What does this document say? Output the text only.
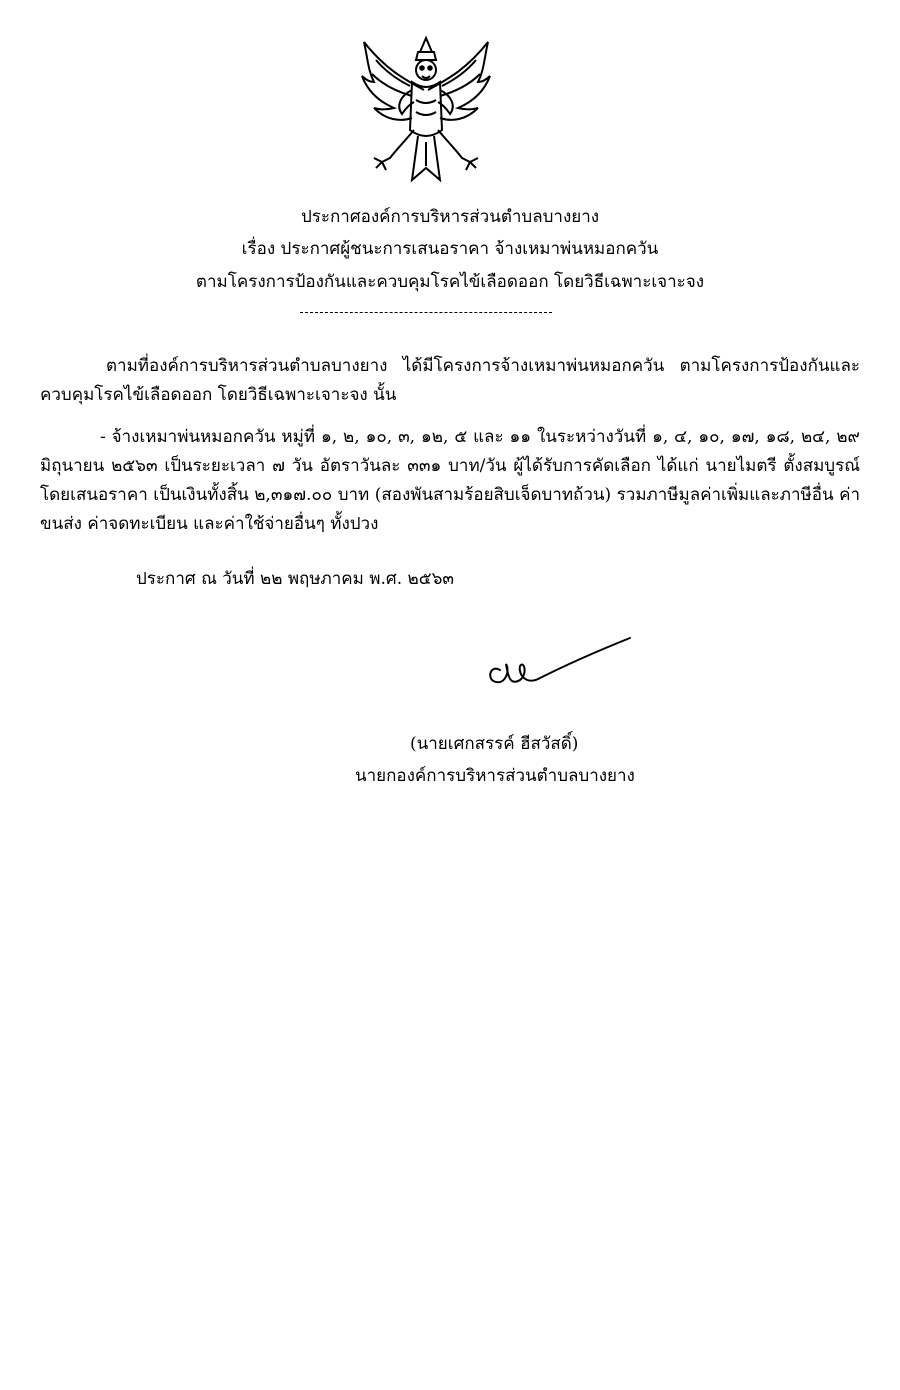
ประกาศองค์การบริหารส่วนตำบลบางยาง
เรื่อง ประกาศผู้ชนะการเสนอราคา จ้างเหมาพ่นหมอกควัน
ตามโครงการป้องกันและควบคุมโรคไข้เลือดออก โดยวิธีเฉพาะเจาะจง
ตามที่องค์การบริหารส่วนตำบลบางยาง ได้มีโครงการจ้างเหมาพ่นหมอกควัน ตามโครงการป้องกันและควบคุมโรคไข้เลือดออก โดยวิธีเฉพาะเจาะจง นั้น
- จ้างเหมาพ่นหมอกควัน หมู่ที่ ๑, ๒, ๑๐, ๓, ๑๒, ๕ และ ๑๑ ในระหว่างวันที่ ๑, ๔, ๑๐, ๑๗, ๑๘, ๒๔, ๒๙ มิถุนายน ๒๕๖๓ เป็นระยะเวลา ๗ วัน อัตราวันละ ๓๓๑ บาท/วัน ผู้ได้รับการคัดเลือก ได้แก่ นายไมตรี ตั้งสมบูรณ์ โดยเสนอราคา เป็นเงินทั้งสิ้น ๒,๓๑๗.๐๐ บาท (สองพันสามร้อยสิบเจ็ดบาทถ้วน) รวมภาษีมูลค่าเพิ่มและภาษีอื่น ค่าขนส่ง ค่าจดทะเบียน และค่าใช้จ่ายอื่นๆ ทั้งปวง
ประกาศ ณ วันที่ ๒๒ พฤษภาคม พ.ศ. ๒๕๖๓
(นายเศกสรรค์ ฮีสวัสดิ์)
นายกองค์การบริหารส่วนตำบลบางยาง
